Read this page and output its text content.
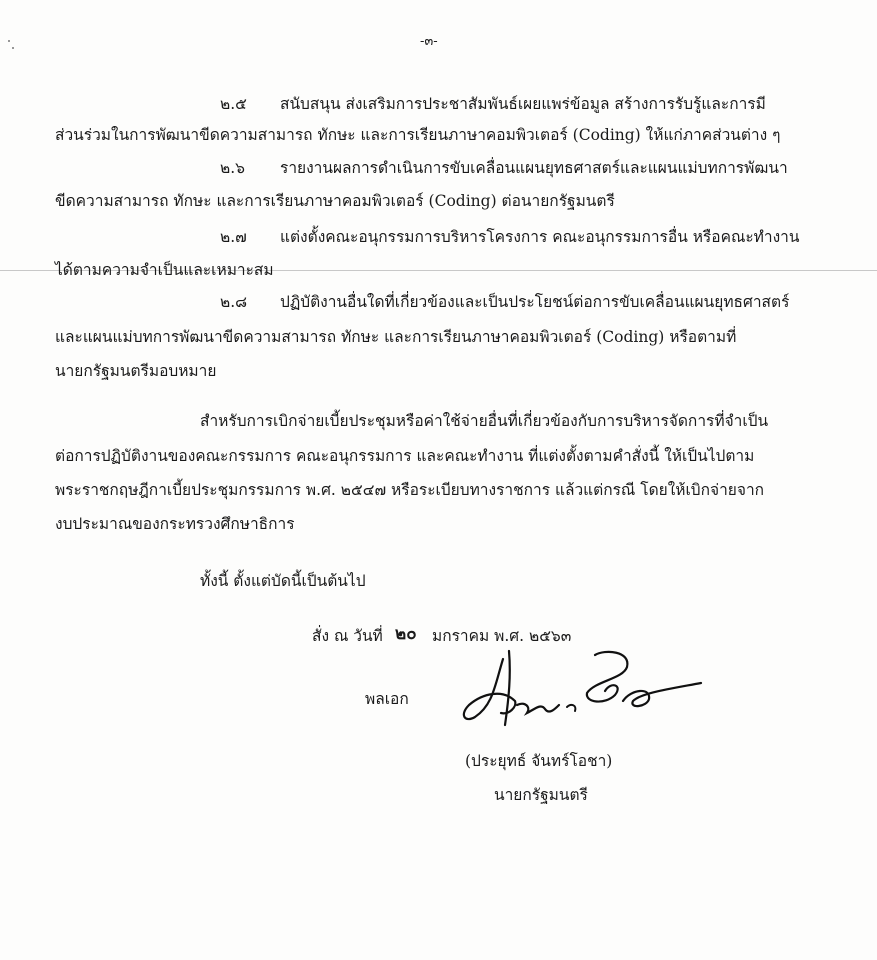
-๓-
๒.๕ สนับสนุน ส่งเสริมการประชาสัมพันธ์เผยแพร่ข้อมูล สร้างการรับรู้และการมี
ส่วนร่วมในการพัฒนาขีดความสามารถ ทักษะ และการเรียนภาษาคอมพิวเตอร์ (Coding) ให้แก่ภาคส่วนต่าง ๆ
๒.๖ รายงานผลการดำเนินการขับเคลื่อนแผนยุทธศาสตร์และแผนแม่บทการพัฒนา
ขีดความสามารถ ทักษะ และการเรียนภาษาคอมพิวเตอร์ (Coding) ต่อนายกรัฐมนตรี
๒.๗ แต่งตั้งคณะอนุกรรมการบริหารโครงการ คณะอนุกรรมการอื่น หรือคณะทำงาน
ได้ตามความจำเป็นและเหมาะสม
๒.๘ ปฏิบัติงานอื่นใดที่เกี่ยวข้องและเป็นประโยชน์ต่อการขับเคลื่อนแผนยุทธศาสตร์
และแผนแม่บทการพัฒนาขีดความสามารถ ทักษะ และการเรียนภาษาคอมพิวเตอร์ (Coding) หรือตามที่
นายกรัฐมนตรีมอบหมาย
สำหรับการเบิกจ่ายเบี้ยประชุมหรือค่าใช้จ่ายอื่นที่เกี่ยวข้องกับการบริหารจัดการที่จำเป็น
ต่อการปฏิบัติงานของคณะกรรมการ คณะอนุกรรมการ และคณะทำงาน ที่แต่งตั้งตามคำสั่งนี้ ให้เป็นไปตาม
พระราชกฤษฎีกาเบี้ยประชุมกรรมการ พ.ศ. ๒๕๔๗ หรือระเบียบทางราชการ แล้วแต่กรณี โดยให้เบิกจ่ายจาก
งบประมาณของกระทรวงศึกษาธิการ
ทั้งนี้ ตั้งแต่บัดนี้เป็นต้นไป
สั่ง ณ วันที่ ๒๐ มกราคม พ.ศ. ๒๕๖๓
พลเอก
(ประยุทธ์ จันทร์โอชา)
นายกรัฐมนตรี
